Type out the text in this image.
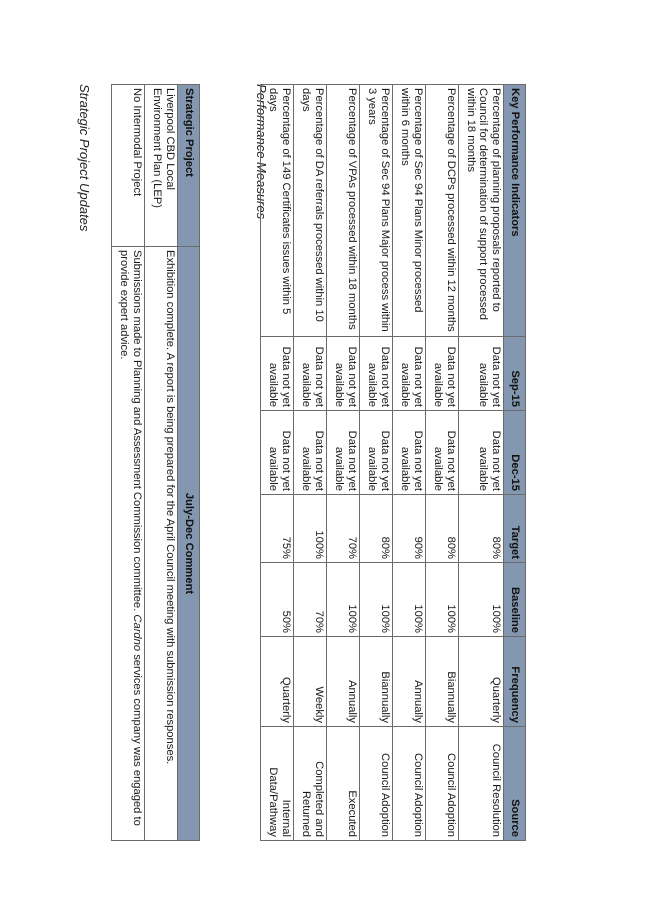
Strategic Project Updates	Strategic Project	July-Dec Comment
Liverpool CBD Local Environment Plan (LEP)	Exhibition complete. A report is being prepared for the April Council meeting with submission responses.
No Intermodal Project	Submissions made to Planning and Assessment Commission committee. Cardno services company was engaged to provide expert advice.
Performance Measures	Key Performance Indicators	Sep-15	Dec-15	Target	Baseline	Frequency	Source
Percentage of planning proposals reported to Council for determination of support processed within 18 months	Data not yet available	Data not yet available	80%	100%	Quarterly	Council Resolution
Percentage of DCPs processed within 12 months	Data not yet available	Data not yet available	80%	100%	Biannually	Council Adoption
Percentage of Sec 94 Plans Minor processed within 6 months	Data not yet available	Data not yet available	90%	100%	Annually	Council Adoption
Percentage of Sec 94 Plans Major process within 3 years	Data not yet available	Data not yet available	80%	100%	Biannually	Council Adoption
Percentage of VPAs processed within 18 months	Data not yet available	Data not yet available	70%	100%	Annually	Executed
Percentage of DA referrals processed within 10 days	Data not yet available	Data not yet available	100%	70%	Weekly	Completed and Returned
Percentage of 149 Certificates issues within 5 days	Data not yet available	Data not yet available	75%	50%	Quarterly	Internal Data/Pathway
